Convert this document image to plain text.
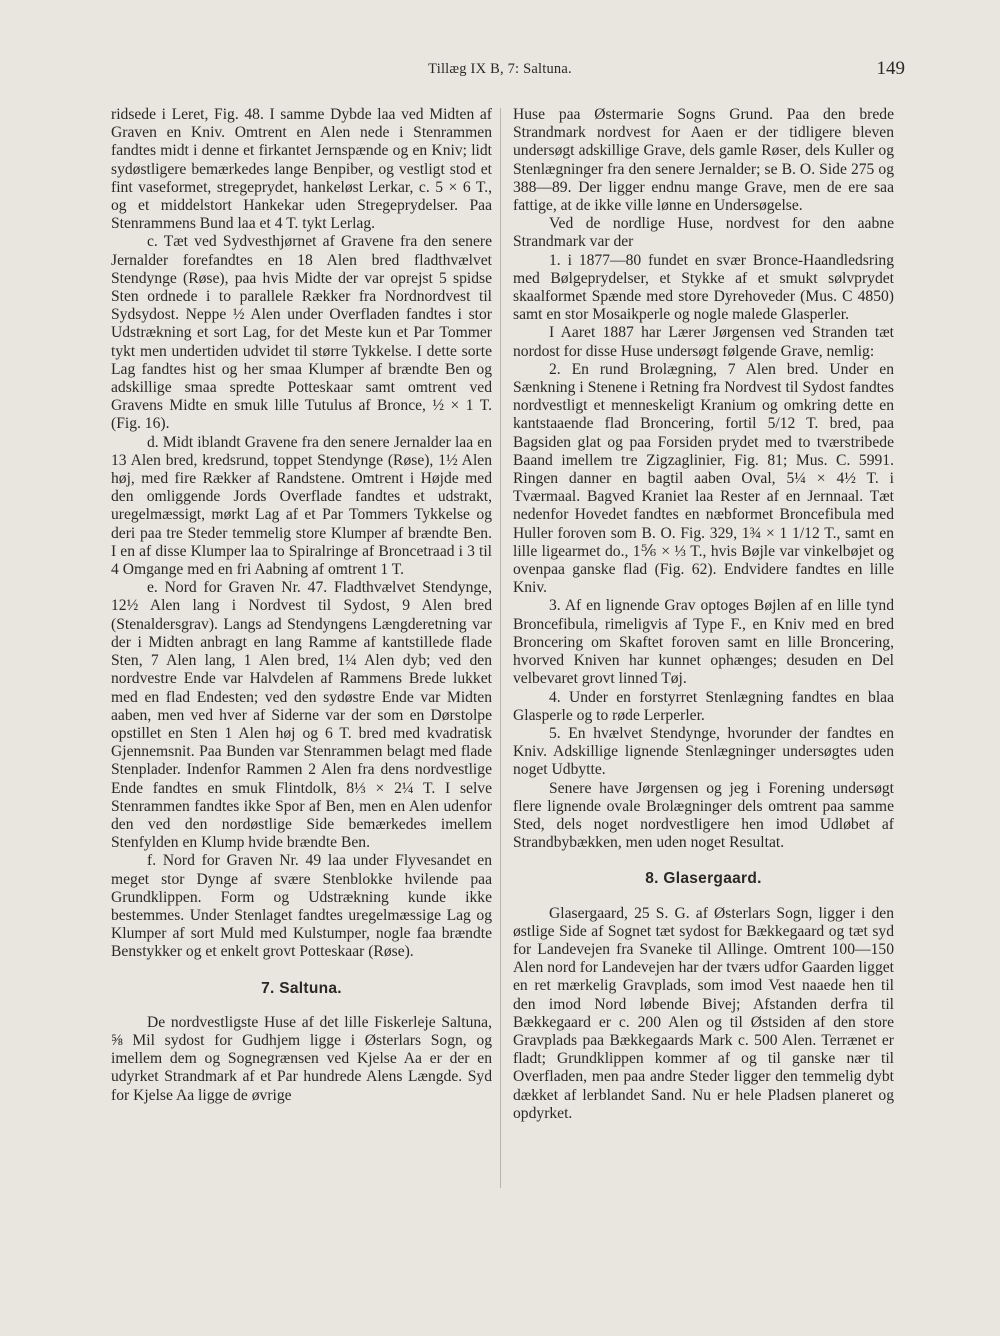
Tillæg IX B, 7: Saltuna.	149

ridsede i Leret, Fig. 48. I samme Dybde laa ved Midten af Graven en Kniv. Omtrent en Alen nede i Stenrammen fandtes midt i denne et firkantet Jernspænde og en Kniv; lidt sydøstligere bemærkedes lange Benpiber, og vestligt stod et fint vaseformet, stregeprydet, hankeløst Lerkar, c. 5 × 6 T., og et middelstort Hankekar uden Stregeprydelser. Paa Stenrammens Bund laa et 4 T. tykt Lerlag.

c. Tæt ved Sydvesthjørnet af Gravene fra den senere Jernalder forefandtes en 18 Alen bred fladthvælvet Stendynge (Røse), paa hvis Midte der var oprejst 5 spidse Sten ordnede i to parallele Rækker fra Nordnordvest til Sydsydost. Neppe ½ Alen under Overfladen fandtes i stor Udstrækning et sort Lag, for det Meste kun et Par Tommer tykt men undertiden udvidet til større Tykkelse. I dette sorte Lag fandtes hist og her smaa Klumper af brændte Ben og adskillige smaa spredte Potteskaar samt omtrent ved Gravens Midte en smuk lille Tutulus af Bronce, ½ × 1 T. (Fig. 16).

d. Midt iblandt Gravene fra den senere Jernalder laa en 13 Alen bred, kredsrund, toppet Stendynge (Røse), 1½ Alen høj, med fire Rækker af Randstene. Omtrent i Højde med den omliggende Jords Overflade fandtes et udstrakt, uregelmæssigt, mørkt Lag af et Par Tommers Tykkelse og deri paa tre Steder temmelig store Klumper af brændte Ben. I en af disse Klumper laa to Spiralringe af Broncetraad i 3 til 4 Omgange med en fri Aabning af omtrent 1 T.

e. Nord for Graven Nr. 47. Fladthvælvet Stendynge, 12½ Alen lang i Nordvest til Sydost, 9 Alen bred (Stenaldersgrav). Langs ad Stendyngens Længderetning var der i Midten anbragt en lang Ramme af kantstillede flade Sten, 7 Alen lang, 1 Alen bred, 1¼ Alen dyb; ved den nordvestre Ende var Halvdelen af Rammens Brede lukket med en flad Endesten; ved den sydøstre Ende var Midten aaben, men ved hver af Siderne var der som en Dørstolpe opstillet en Sten 1 Alen høj og 6 T. bred med kvadratisk Gjennemsnit. Paa Bunden var Stenrammen belagt med flade Stenplader. Indenfor Rammen 2 Alen fra dens nordvestlige Ende fandtes en smuk Flintdolk, 8⅓ × 2¼ T. I selve Stenrammen fandtes ikke Spor af Ben, men en Alen udenfor den ved den nordøstlige Side bemærkedes imellem Stenfylden en Klump hvide brændte Ben.

f. Nord for Graven Nr. 49 laa under Flyvesandet en meget stor Dynge af svære Stenblokke hvilende paa Grundklippen. Form og Udstrækning kunde ikke bestemmes. Under Stenlaget fandtes uregelmæssige Lag og Klumper af sort Muld med Kulstumper, nogle faa brændte Benstykker og et enkelt grovt Potteskaar (Røse).

7. Saltuna.

De nordvestligste Huse af det lille Fiskerleje Saltuna, ⅝ Mil sydost for Gudhjem ligge i Østerlars Sogn, og imellem dem og Sognegrænsen ved Kjelse Aa er der en udyrket Strandmark af et Par hundrede Alens Længde. Syd for Kjelse Aa ligge de øvrige

Huse paa Østermarie Sogns Grund. Paa den brede Strandmark nordvest for Aaen er der tidligere bleven undersøgt adskillige Grave, dels gamle Røser, dels Kuller og Stenlægninger fra den senere Jernalder; se B. O. Side 275 og 388—89. Der ligger endnu mange Grave, men de ere saa fattige, at de ikke ville lønne en Undersøgelse.

Ved de nordlige Huse, nordvest for den aabne Strandmark var der

1. i 1877—80 fundet en svær Bronce-Haandledsring med Bølgeprydelser, et Stykke af et smukt sølvprydet skaalformet Spænde med store Dyrehoveder (Mus. C 4850) samt en stor Mosaikperle og nogle malede Glasperler.

I Aaret 1887 har Lærer Jørgensen ved Stranden tæt nordost for disse Huse undersøgt følgende Grave, nemlig:

2. En rund Brolægning, 7 Alen bred. Under en Sænkning i Stenene i Retning fra Nordvest til Sydost fandtes nordvestligt et menneskeligt Kranium og omkring dette en kantstaaende flad Broncering, fortil 5/12 T. bred, paa Bagsiden glat og paa Forsiden prydet med to tværstribede Baand imellem tre Zigzaglinier, Fig. 81; Mus. C. 5991. Ringen danner en bagtil aaben Oval, 5¼ × 4½ T. i Tværmaal. Bagved Kraniet laa Rester af en Jernnaal. Tæt nedenfor Hovedet fandtes en næbformet Broncefibula med Huller foroven som B. O. Fig. 329, 1¾ × 1 1/12 T., samt en lille ligearmet do., 1⅚ × ⅓ T., hvis Bøjle var vinkelbøjet og ovenpaa ganske flad (Fig. 62). Endvidere fandtes en lille Kniv.

3. Af en lignende Grav optoges Bøjlen af en lille tynd Broncefibula, rimeligvis af Type F., en Kniv med en bred Broncering om Skaftet foroven samt en lille Broncering, hvorved Kniven har kunnet ophænges; desuden en Del velbevaret grovt linned Tøj.

4. Under en forstyrret Stenlægning fandtes en blaa Glasperle og to røde Lerperler.

5. En hvælvet Stendynge, hvorunder der fandtes en Kniv. Adskillige lignende Stenlægninger undersøgtes uden noget Udbytte.

Senere have Jørgensen og jeg i Forening undersøgt flere lignende ovale Brolægninger dels omtrent paa samme Sted, dels noget nordvestligere hen imod Udløbet af Strandbybækken, men uden noget Resultat.

8. Glasergaard.

Glasergaard, 25 S. G. af Østerlars Sogn, ligger i den østlige Side af Sognet tæt sydost for Bækkegaard og tæt syd for Landevejen fra Svaneke til Allinge. Omtrent 100—150 Alen nord for Landevejen har der tværs udfor Gaarden ligget en ret mærkelig Gravplads, som imod Vest naaede hen til den imod Nord løbende Bivej; Afstanden derfra til Bækkegaard er c. 200 Alen og til Østsiden af den store Gravplads paa Bækkegaards Mark c. 500 Alen. Terrænet er fladt; Grundklippen kommer af og til ganske nær til Overfladen, men paa andre Steder ligger den temmelig dybt dækket af lerblandet Sand. Nu er hele Pladsen planeret og opdyrket.
